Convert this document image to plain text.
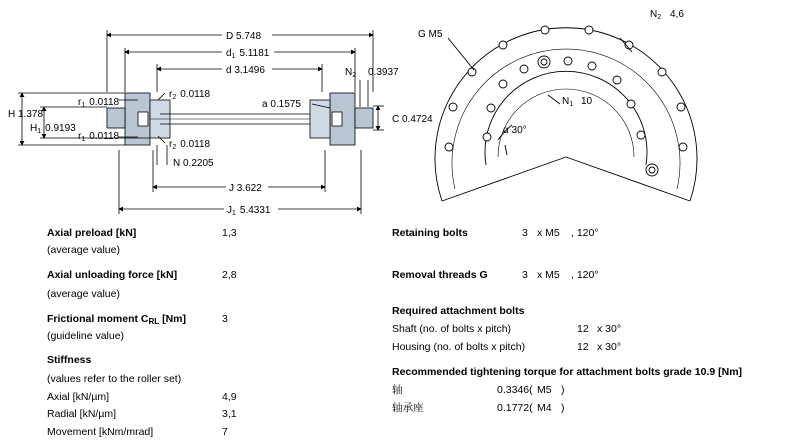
D 5.748
$d_1$ 5.1181
d 3.1496	$N_2$ 0.3937
$r_1$ 0.0118
$r_2$ 0.0118
a 0.1575
H 1.378
$H_1$ 0.9193
C 0.4724
$r_1$ 0.0118
$r_2$ 0.0118
N 0.2205
J 3.622
$J_1$ 5.4331
G M5
$N_2$ 4,6
$N_1$ 10
α 30°
Axial preload [kN]	1,3
(average value)
Axial unloading force [kN]	2,8
(average value)
Frictional moment $C_{RL}$ [Nm]	3
(guideline value)
Stiffness
(values refer to the roller set)
Axial [kN/µm]	4,9
Radial [kN/µm]	3,1
Movement [kNm/mrad]	7
Retaining bolts	3 x M5 , 120°
Removal threads G	3 x M5 , 120°
Required attachment bolts
Shaft (no. of bolts x pitch)	12 x 30°
Housing (no. of bolts x pitch)	12 x 30°
Recommended tightening torque for attachment bolts grade 10.9 [Nm]
轴	0.3346( M5 )
轴承座	0.1772( M4 )
